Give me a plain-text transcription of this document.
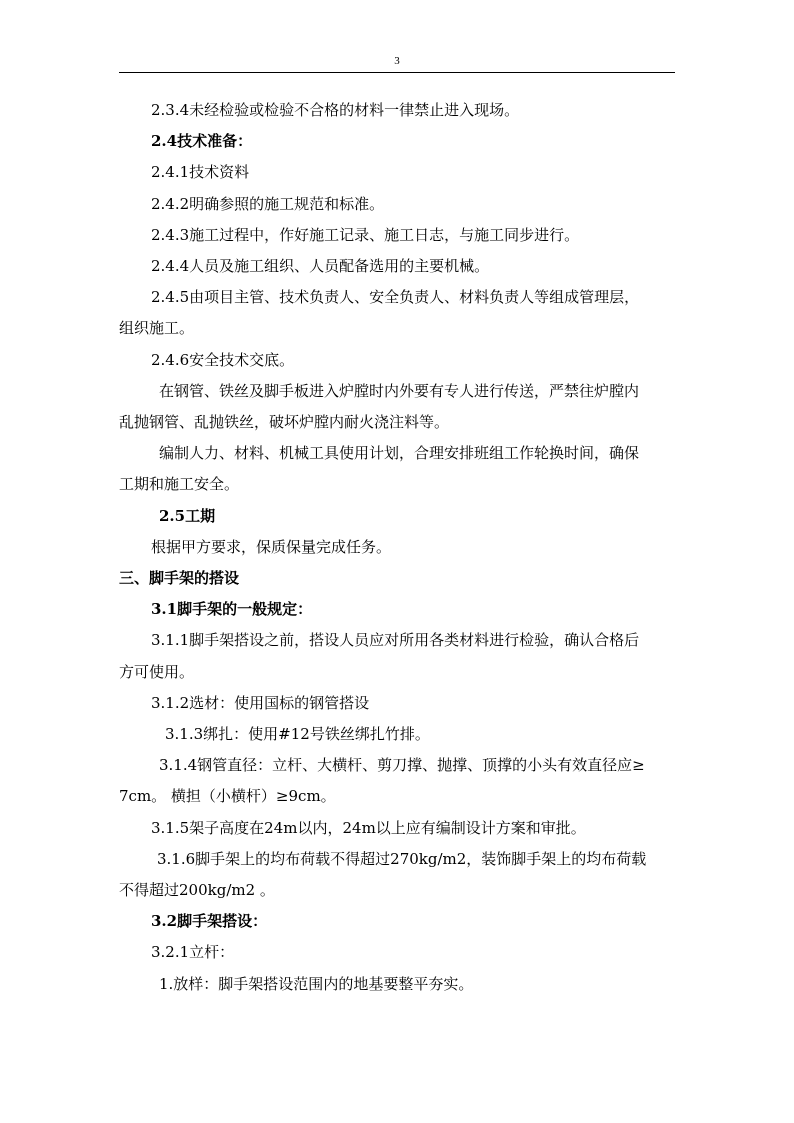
3

2.3.4未经检验或检验不合格的材料一律禁止进入现场。

2.4技术准备：

2.4.1技术资料

2.4.2明确参照的施工规范和标准。

2.4.3施工过程中，作好施工记录、施工日志，与施工同步进行。

2.4.4人员及施工组织、人员配备选用的主要机械。

2.4.5由项目主管、技术负责人、安全负责人、材料负责人等组成管理层，

组织施工。

2.4.6安全技术交底。

在钢管、铁丝及脚手板进入炉膛时内外要有专人进行传送，严禁往炉膛内

乱抛钢管、乱抛铁丝，破坏炉膛内耐火浇注料等。

编制人力、材料、机械工具使用计划，合理安排班组工作轮换时间，确保

工期和施工安全。

2.5工期

根据甲方要求，保质保量完成任务。

三、脚手架的搭设

3.1脚手架的一般规定：

3.1.1脚手架搭设之前，搭设人员应对所用各类材料进行检验，确认合格后

方可使用。

3.1.2选材：使用国标的钢管搭设

3.1.3绑扎：使用#12号铁丝绑扎竹排。

3.1.4钢管直径：立杆、大横杆、剪刀撑、抛撑、顶撑的小头有效直径应≥

7cm。 横担（小横杆）≥9cm。

3.1.5架子高度在24m以内，24m以上应有编制设计方案和审批。

3.1.6脚手架上的均布荷载不得超过270kg/m2，装饰脚手架上的均布荷载

不得超过200kg/m2 。

3.2脚手架搭设：

3.2.1立杆：

1.放样：脚手架搭设范围内的地基要整平夯实。
